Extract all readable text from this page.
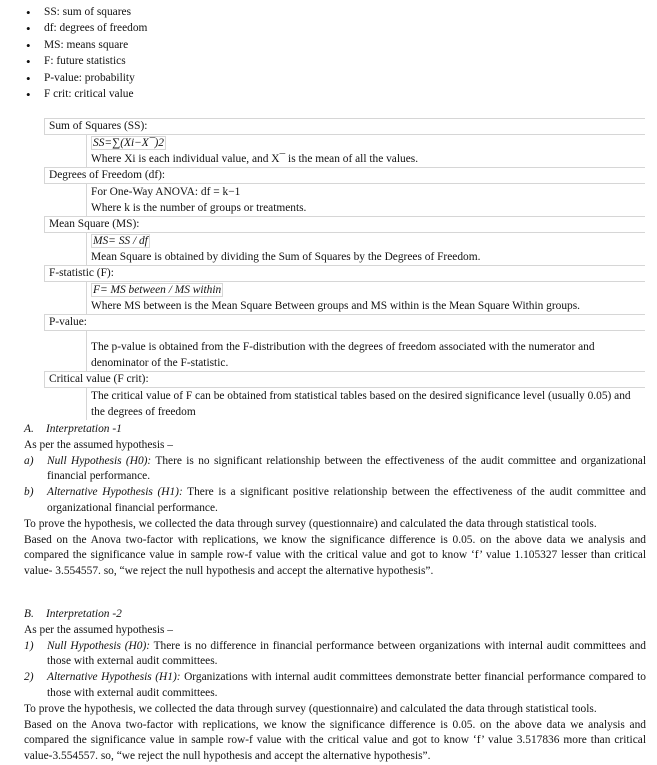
• SS: sum of squares
• df: degrees of freedom
• MS: means square
• F: future statistics
• P-value: probability
• F crit: critical value
Sum of Squares (SS):
SS=∑(Xi−X¯)2
Where Xi is each individual value, and X¯ is the mean of all the values.
Degrees of Freedom (df):
For One-Way ANOVA: df = k−1
Where k is the number of groups or treatments.
Mean Square (MS):
MS= SS / df
Mean Square is obtained by dividing the Sum of Squares by the Degrees of Freedom.
F-statistic (F):
F= MS between / MS within
Where MS between is the Mean Square Between groups and MS within is the Mean Square Within groups.
P-value:
The p-value is obtained from the F-distribution with the degrees of freedom associated with the numerator and denominator of the F-statistic.
Critical value (F crit):
The critical value of F can be obtained from statistical tables based on the desired significance level (usually 0.05) and the degrees of freedom

A. Interpretation -1

As per the assumed hypothesis –

a) Null Hypothesis (H0): There is no significant relationship between the effectiveness of the audit committee and organizational financial performance.

b) Alternative Hypothesis (H1): There is a significant positive relationship between the effectiveness of the audit committee and organizational financial performance.

To prove the hypothesis, we collected the data through survey (questionnaire) and calculated the data through statistical tools.

Based on the Anova two-factor with replications, we know the significance difference is 0.05. on the above data we analysis and compared the significance value in sample row-f value with the critical value and got to know ‘f’ value 1.105327 lesser than critical value- 3.554557. so, “we reject the null hypothesis and accept the alternative hypothesis”.

B. Interpretation -2

As per the assumed hypothesis –

1) Null Hypothesis (H0): There is no difference in financial performance between organizations with internal audit committees and those with external audit committees.

2) Alternative Hypothesis (H1): Organizations with internal audit committees demonstrate better financial performance compared to those with external audit committees.

To prove the hypothesis, we collected the data through survey (questionnaire) and calculated the data through statistical tools.

Based on the Anova two-factor with replications, we know the significance difference is 0.05. on the above data we analysis and compared the significance value in sample row-f value with the critical value and got to know ‘f’ value 3.517836 more than critical value-3.554557. so, “we reject the null hypothesis and accept the alternative hypothesis”.
